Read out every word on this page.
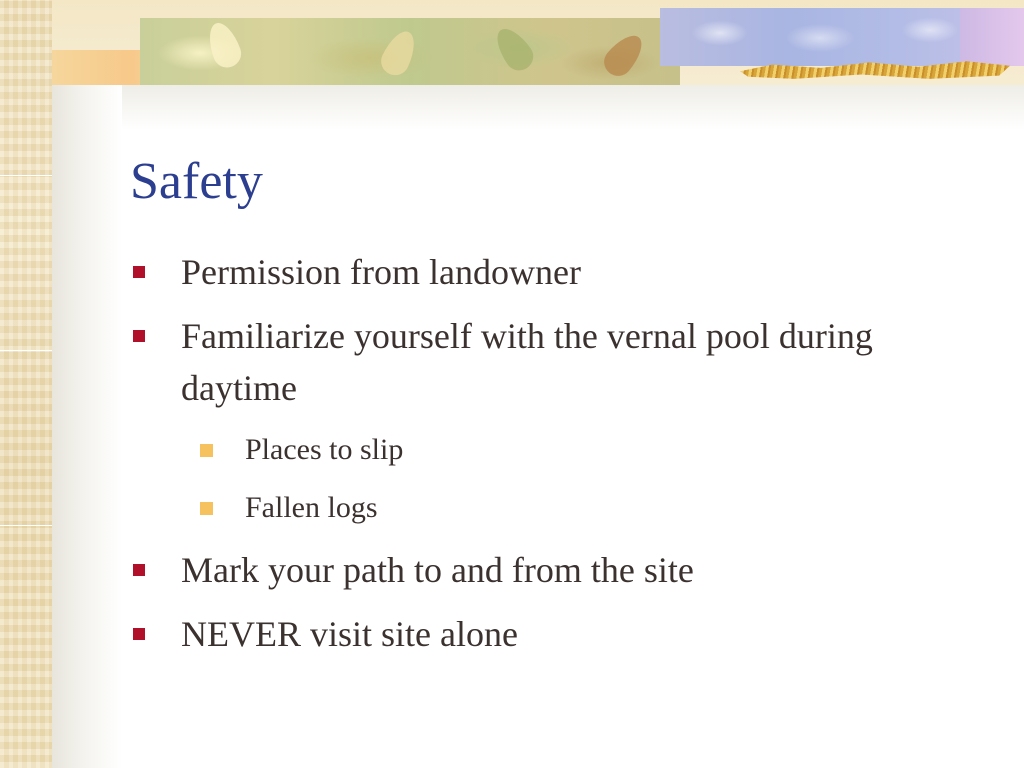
Safety
Permission from landowner
Familiarize yourself with the vernal pool during daytime
Places to slip
Fallen logs
Mark your path to and from the site
NEVER visit site alone
